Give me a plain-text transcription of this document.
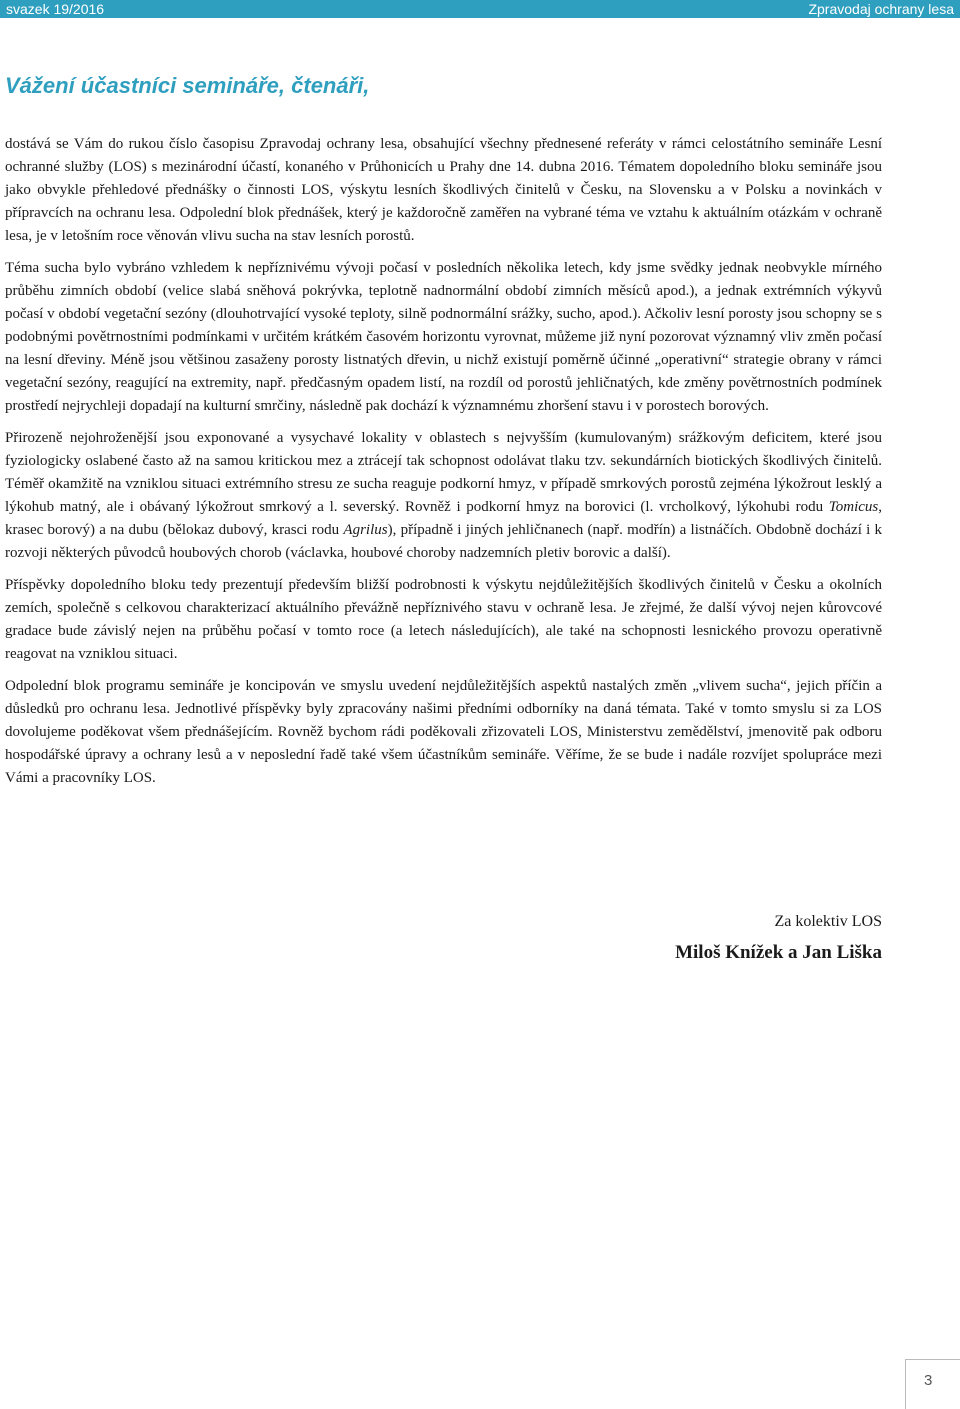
svazek 19/2016	Zpravodaj ochrany lesa
Vážení účastníci semináře, čtenáři,

dostává se Vám do rukou číslo časopisu Zpravodaj ochrany lesa, obsahující všechny přednesené referáty v rámci celostátního semináře Lesní ochranné služby (LOS) s mezinárodní účastí, konaného v Průhonicích u Prahy dne 14. dubna 2016. Tématem dopoledního bloku semináře jsou jako obvykle přehledové přednášky o činnosti LOS, výskytu lesních škodlivých činitelů v Česku, na Slovensku a v Polsku a novinkách v přípravcích na ochranu lesa. Odpolední blok přednášek, který je každoročně zaměřen na vybrané téma ve vztahu k aktuálním otázkám v ochraně lesa, je v letošním roce věnován vlivu sucha na stav lesních porostů.

Téma sucha bylo vybráno vzhledem k nepříznivému vývoji počasí v posledních několika letech, kdy jsme svědky jednak neobvykle mírného průběhu zimních období (velice slabá sněhová pokrývka, teplotně nadnormální období zimních měsíců apod.), a jednak extrémních výkyvů počasí v období vegetační sezóny (dlouhotrvající vysoké teploty, silně podnormální srážky, sucho, apod.). Ačkoliv lesní porosty jsou schopny se s podobnými povětrnostními podmínkami v určitém krátkém časovém horizontu vyrovnat, můžeme již nyní pozorovat významný vliv změn počasí na lesní dřeviny. Méně jsou většinou zasaženy porosty listnatých dřevin, u nichž existují poměrně účinné „operativní“ strategie obrany v rámci vegetační sezóny, reagující na extremity, např. předčasným opadem listí, na rozdíl od porostů jehličnatých, kde změny povětrnostních podmínek prostředí nejrychleji dopadají na kulturní smrčiny, následně pak dochází k významnému zhoršení stavu i v porostech borových.

Přirozeně nejohroženější jsou exponované a vysychavé lokality v oblastech s nejvyšším (kumulovaným) srážkovým deficitem, které jsou fyziologicky oslabené často až na samou kritickou mez a ztrácejí tak schopnost odolávat tlaku tzv. sekundárních biotických škodlivých činitelů. Téměř okamžitě na vzniklou situaci extrémního stresu ze sucha reaguje podkorní hmyz, v případě smrkových porostů zejména lýkožrout lesklý a lýkohub matný, ale i obávaný lýkožrout smrkový a l. severský. Rovněž i podkorní hmyz na borovici (l. vrcholkový, lýkohubi rodu Tomicus, krasec borový) a na dubu (bělokaz dubový, krasci rodu Agrilus), případně i jiných jehličnanech (např. modřín) a listnáčích. Obdobně dochází i k rozvoji některých původců houbových chorob (václavka, houbové choroby nadzemních pletiv borovic a další).

Příspěvky dopoledního bloku tedy prezentují především bližší podrobnosti k výskytu nejdůležitějších škodlivých činitelů v Česku a okolních zemích, společně s celkovou charakterizací aktuálního převážně nepříznivého stavu v ochraně lesa. Je zřejmé, že další vývoj nejen kůrovcové gradace bude závislý nejen na průběhu počasí v tomto roce (a letech následujících), ale také na schopnosti lesnického provozu operativně reagovat na vzniklou situaci.

Odpolední blok programu semináře je koncipován ve smyslu uvedení nejdůležitějších aspektů nastalých změn „vlivem sucha“, jejich příčin a důsledků pro ochranu lesa. Jednotlivé příspěvky byly zpracovány našimi předními odborníky na daná témata. Také v tomto smyslu si za LOS dovolujeme poděkovat všem přednášejícím. Rovněž bychom rádi poděkovali zřizovateli LOS, Ministerstvu zemědělství, jmenovitě pak odboru hospodářské úpravy a ochrany lesů a v neposlední řadě také všem účastníkům semináře. Věříme, že se bude i nadále rozvíjet spolupráce mezi Vámi a pracovníky LOS.

Za kolektiv LOS
Miloš Knížek a Jan Liška
3
